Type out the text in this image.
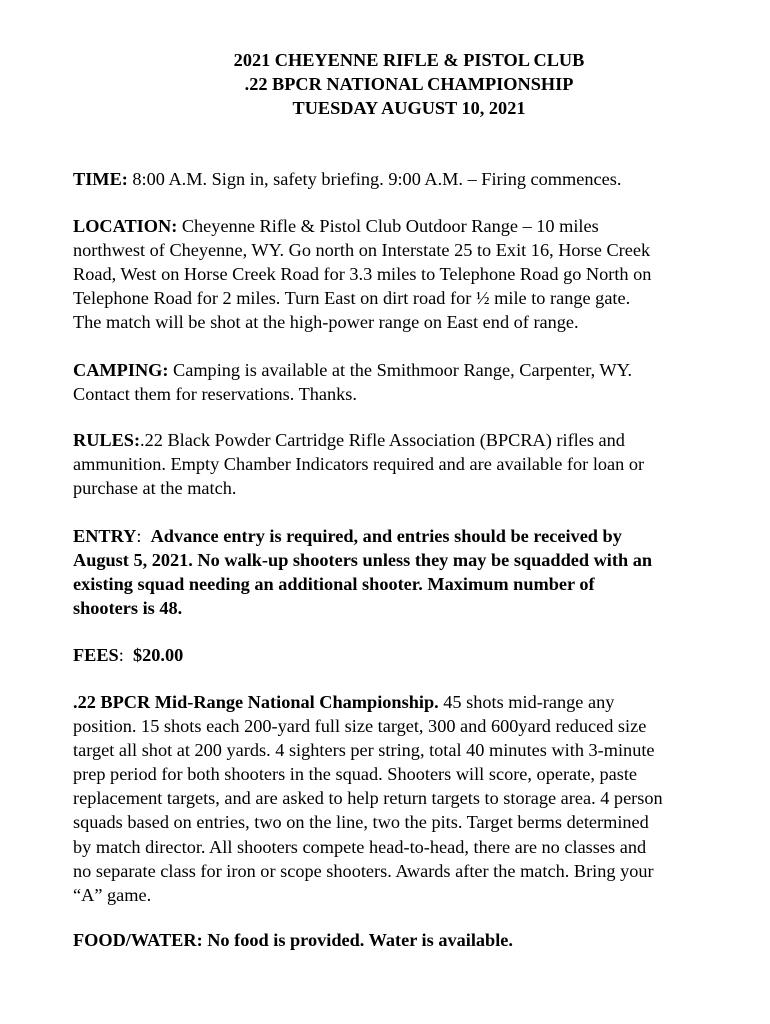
2021 CHEYENNE RIFLE & PISTOL CLUB
.22 BPCR NATIONAL CHAMPIONSHIP
TUESDAY AUGUST 10, 2021
TIME: 8:00 A.M. Sign in, safety briefing. 9:00 A.M. – Firing commences.
LOCATION: Cheyenne Rifle & Pistol Club Outdoor Range – 10 miles
northwest of Cheyenne, WY. Go north on Interstate 25 to Exit 16, Horse Creek
Road, West on Horse Creek Road for 3.3 miles to Telephone Road go North on
Telephone Road for 2 miles. Turn East on dirt road for ½ mile to range gate.
The match will be shot at the high-power range on East end of range.
CAMPING: Camping is available at the Smithmoor Range, Carpenter, WY.
Contact them for reservations. Thanks.
RULES:.22 Black Powder Cartridge Rifle Association (BPCRA) rifles and
ammunition. Empty Chamber Indicators required and are available for loan or
purchase at the match.
ENTRY:  Advance entry is required, and entries should be received by
August 5, 2021. No walk-up shooters unless they may be squadded with an
existing squad needing an additional shooter. Maximum number of
shooters is 48.
FEES:  $20.00
.22 BPCR Mid-Range National Championship. 45 shots mid-range any
position. 15 shots each 200-yard full size target, 300 and 600yard reduced size
target all shot at 200 yards. 4 sighters per string, total 40 minutes with 3-minute
prep period for both shooters in the squad. Shooters will score, operate, paste
replacement targets, and are asked to help return targets to storage area. 4 person
squads based on entries, two on the line, two the pits. Target berms determined
by match director. All shooters compete head-to-head, there are no classes and
no separate class for iron or scope shooters. Awards after the match. Bring your
“A” game.
FOOD/WATER: No food is provided. Water is available.
